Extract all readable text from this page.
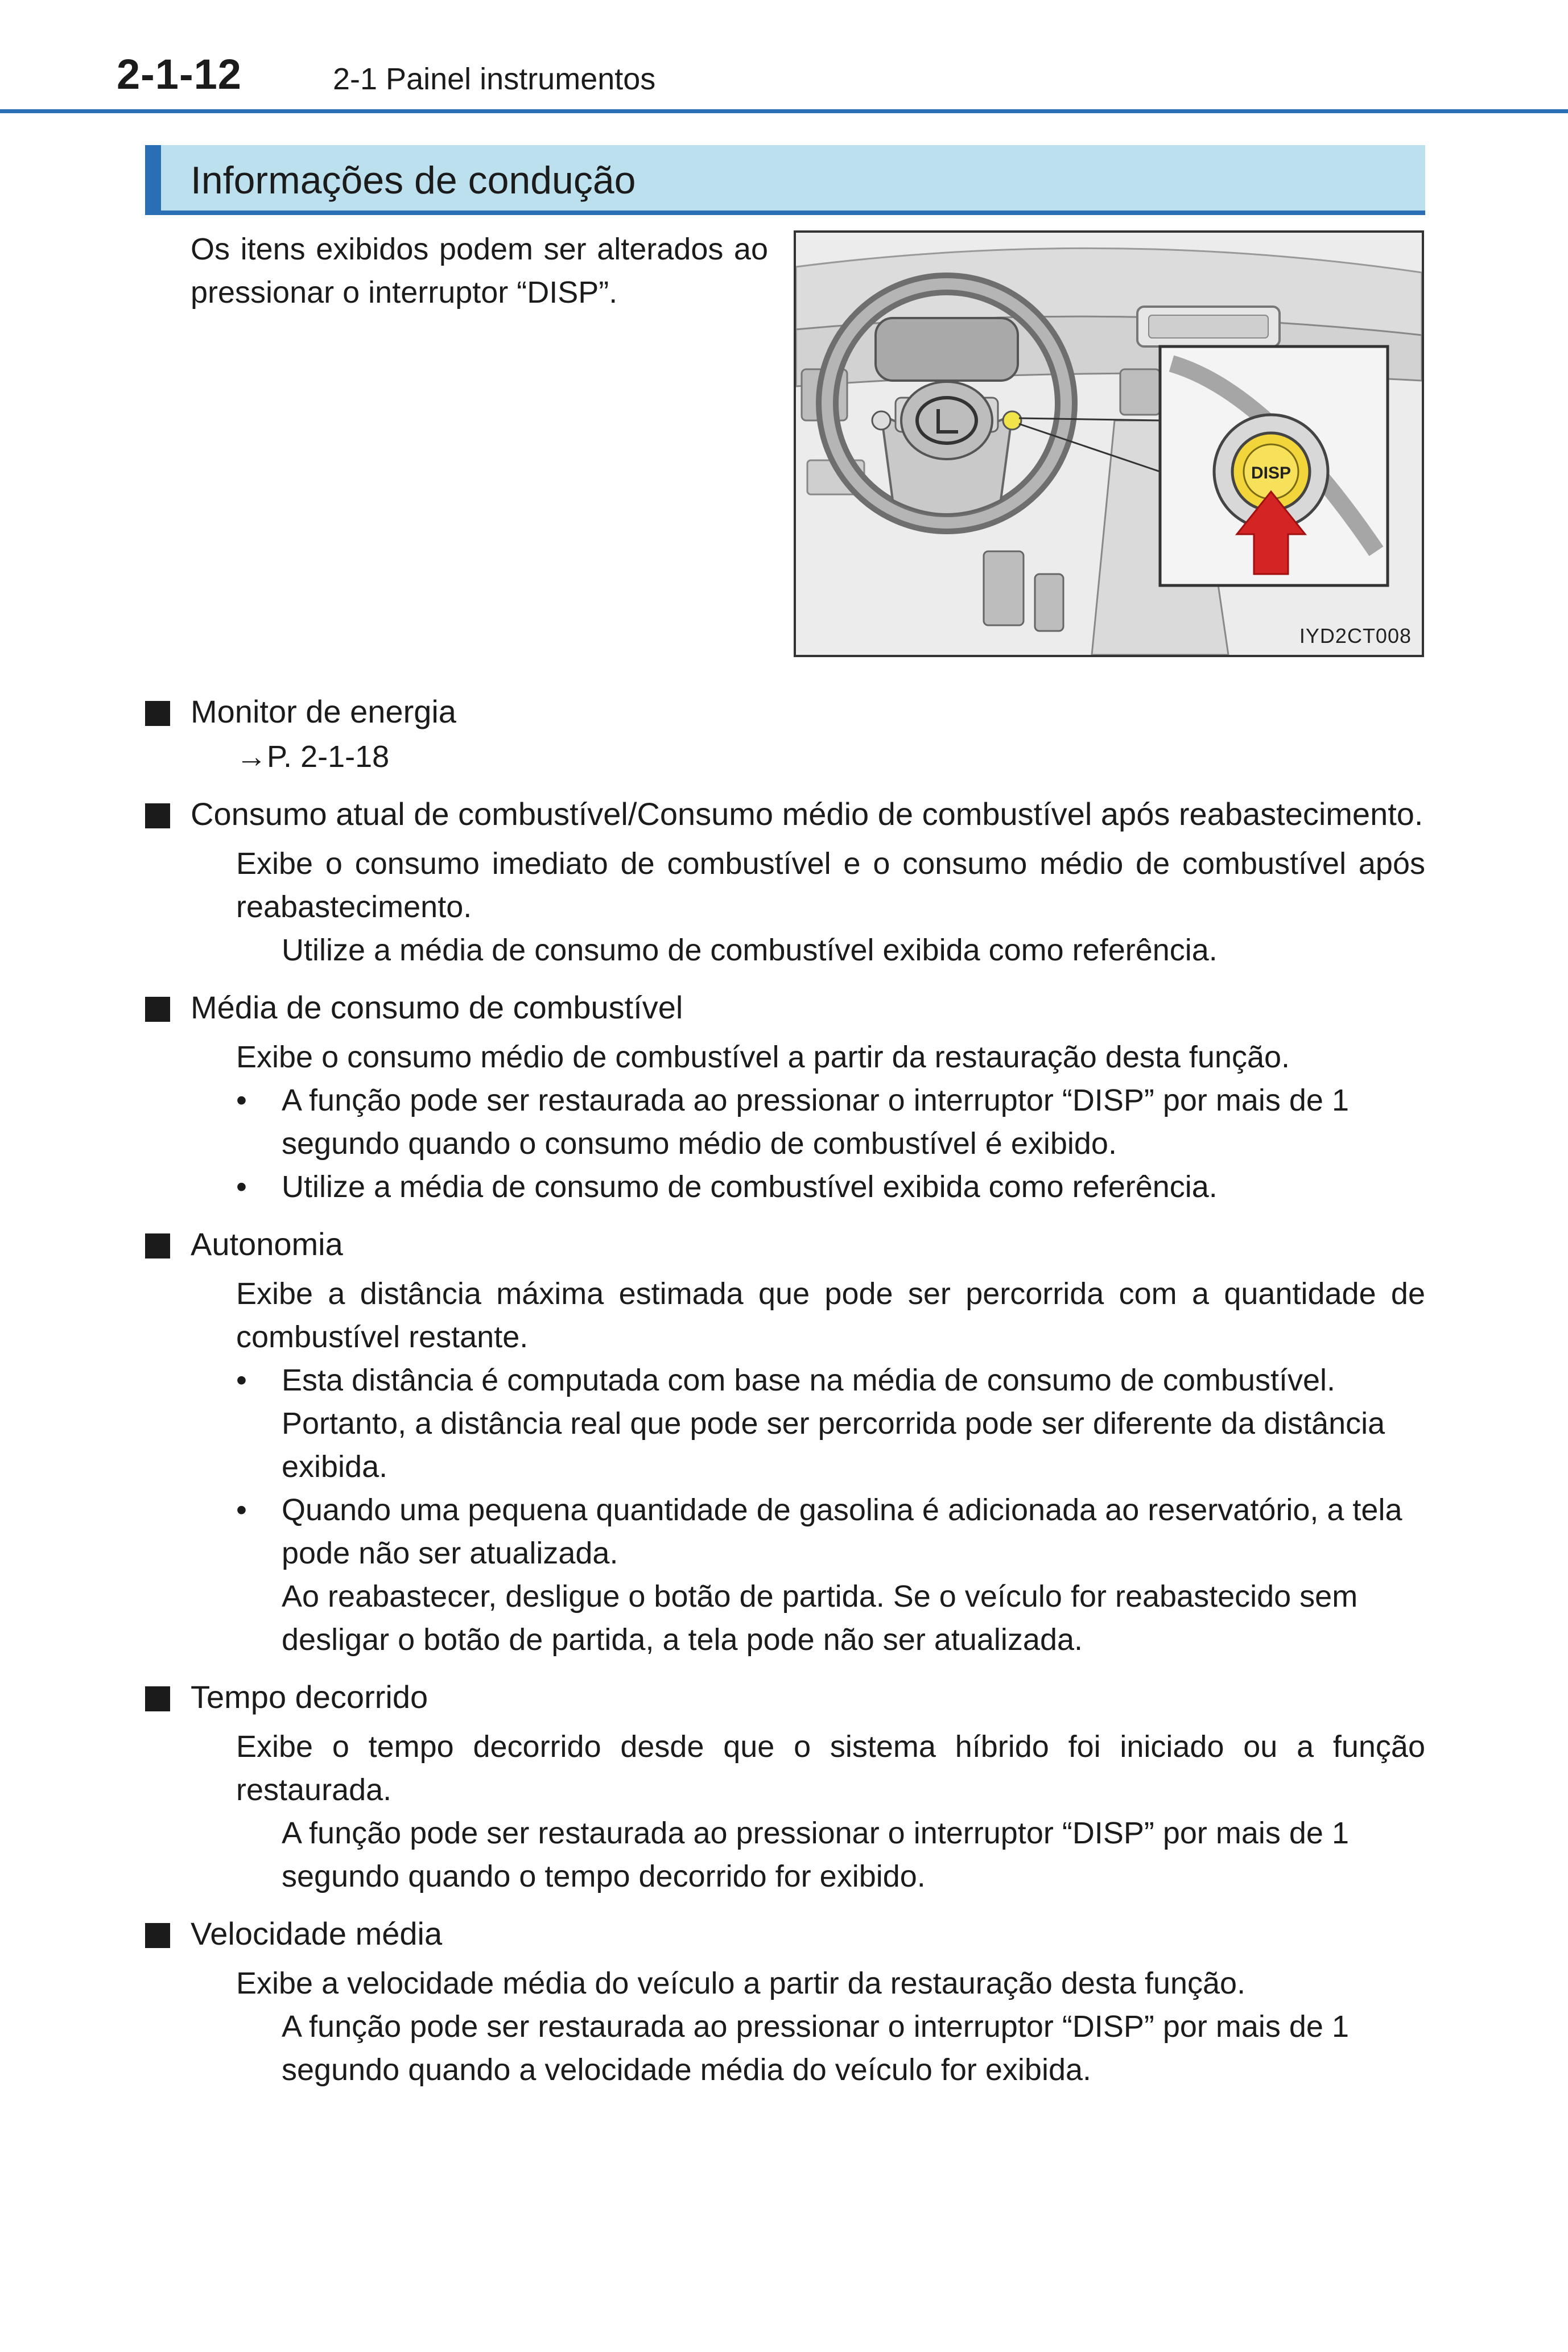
2-1-12	2-1 Painel instrumentos
Informações de condução
Os itens exibidos podem ser alterados ao pressionar o interruptor “DISP”.
DISP
IYD2CT008
Monitor de energia
→P. 2-1-18
Consumo atual de combustível/Consumo médio de combustível após reabastecimento.
Exibe o consumo imediato de combustível e o consumo médio de combustível após reabastecimento.
Utilize a média de consumo de combustível exibida como referência.
Média de consumo de combustível
Exibe o consumo médio de combustível a partir da restauração desta função.
• A função pode ser restaurada ao pressionar o interruptor “DISP” por mais de 1 segundo quando o consumo médio de combustível é exibido.
• Utilize a média de consumo de combustível exibida como referência.
Autonomia
Exibe a distância máxima estimada que pode ser percorrida com a quantidade de combustível restante.
• Esta distância é computada com base na média de consumo de combustível.
Portanto, a distância real que pode ser percorrida pode ser diferente da distância exibida.
• Quando uma pequena quantidade de gasolina é adicionada ao reservatório, a tela pode não ser atualizada.
Ao reabastecer, desligue o botão de partida. Se o veículo for reabastecido sem desligar o botão de partida, a tela pode não ser atualizada.
Tempo decorrido
Exibe o tempo decorrido desde que o sistema híbrido foi iniciado ou a função restaurada.
A função pode ser restaurada ao pressionar o interruptor “DISP” por mais de 1 segundo quando o tempo decorrido for exibido.
Velocidade média
Exibe a velocidade média do veículo a partir da restauração desta função.
A função pode ser restaurada ao pressionar o interruptor “DISP” por mais de 1 segundo quando a velocidade média do veículo for exibida.
